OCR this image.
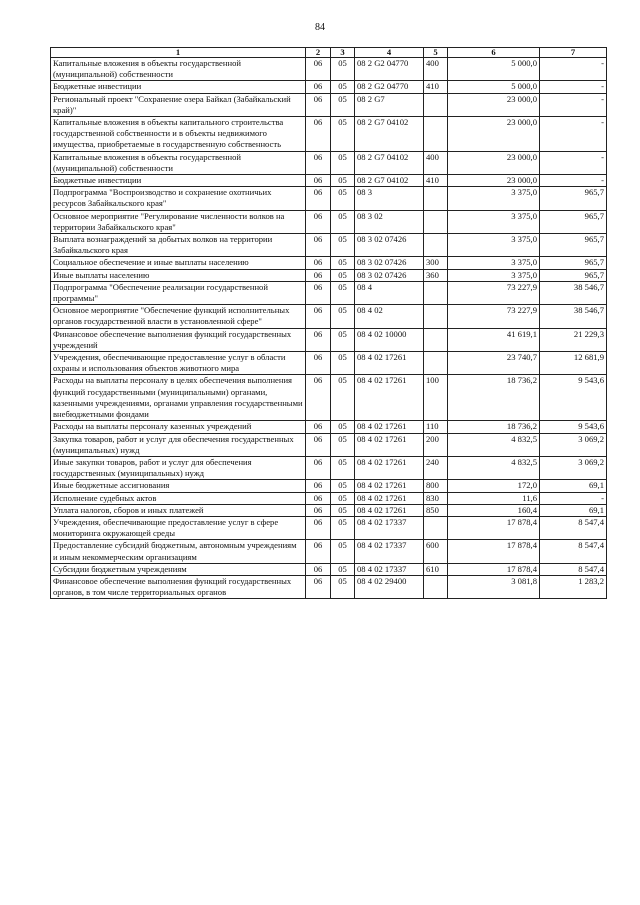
84
1	2	3	4	5	6	7
Капитальные вложения в объекты государственной (муниципальной) собственности	06	05	08 2 G2 04770	400	5 000,0	-
Бюджетные инвестиции	06	05	08 2 G2 04770	410	5 000,0	-
Региональный проект "Сохранение озера Байкал (Забайкальский край)"	06	05	08 2 G7		23 000,0	-
Капитальные вложения в объекты капитального строительства государственной собственности и в объекты недвижимого имущества, приобретаемые в государственную собственность	06	05	08 2 G7 04102		23 000,0	-
Капитальные вложения в объекты государственной (муниципальной) собственности	06	05	08 2 G7 04102	400	23 000,0	-
Бюджетные инвестиции	06	05	08 2 G7 04102	410	23 000,0	-
Подпрограмма "Воспроизводство и сохранение охотничьих ресурсов Забайкальского края"	06	05	08 3		3 375,0	965,7
Основное мероприятие "Регулирование численности волков на территории Забайкальского края"	06	05	08 3 02		3 375,0	965,7
Выплата вознаграждений за добытых волков на территории Забайкальского края	06	05	08 3 02 07426		3 375,0	965,7
Социальное обеспечение и иные выплаты населению	06	05	08 3 02 07426	300	3 375,0	965,7
Иные выплаты населению	06	05	08 3 02 07426	360	3 375,0	965,7
Подпрограмма "Обеспечение реализации государственной программы"	06	05	08 4		73 227,9	38 546,7
Основное мероприятие "Обеспечение функций исполнительных органов государственной власти в установленной сфере"	06	05	08 4 02		73 227,9	38 546,7
Финансовое обеспечение выполнения функций государственных учреждений	06	05	08 4 02 10000		41 619,1	21 229,3
Учреждения, обеспечивающие предоставление услуг в области охраны и использования объектов животного мира	06	05	08 4 02 17261		23 740,7	12 681,9
Расходы на выплаты персоналу в целях обеспечения выполнения функций государственными (муниципальными) органами, казенными учреждениями, органами управления государственными внебюджетными фондами	06	05	08 4 02 17261	100	18 736,2	9 543,6
Расходы на выплаты персоналу казенных учреждений	06	05	08 4 02 17261	110	18 736,2	9 543,6
Закупка товаров, работ и услуг для обеспечения государственных (муниципальных) нужд	06	05	08 4 02 17261	200	4 832,5	3 069,2
Иные закупки товаров, работ и услуг для обеспечения государственных (муниципальных) нужд	06	05	08 4 02 17261	240	4 832,5	3 069,2
Иные бюджетные ассигнования	06	05	08 4 02 17261	800	172,0	69,1
Исполнение судебных актов	06	05	08 4 02 17261	830	11,6	-
Уплата налогов, сборов и иных платежей	06	05	08 4 02 17261	850	160,4	69,1
Учреждения, обеспечивающие предоставление услуг в сфере мониторинга окружающей среды	06	05	08 4 02 17337		17 878,4	8 547,4
Предоставление субсидий бюджетным, автономным учреждениям и иным некоммерческим организациям	06	05	08 4 02 17337	600	17 878,4	8 547,4
Субсидии бюджетным учреждениям	06	05	08 4 02 17337	610	17 878,4	8 547,4
Финансовое обеспечение выполнения функций государственных органов, в том числе территориальных органов	06	05	08 4 02 29400		3 081,8	1 283,2
